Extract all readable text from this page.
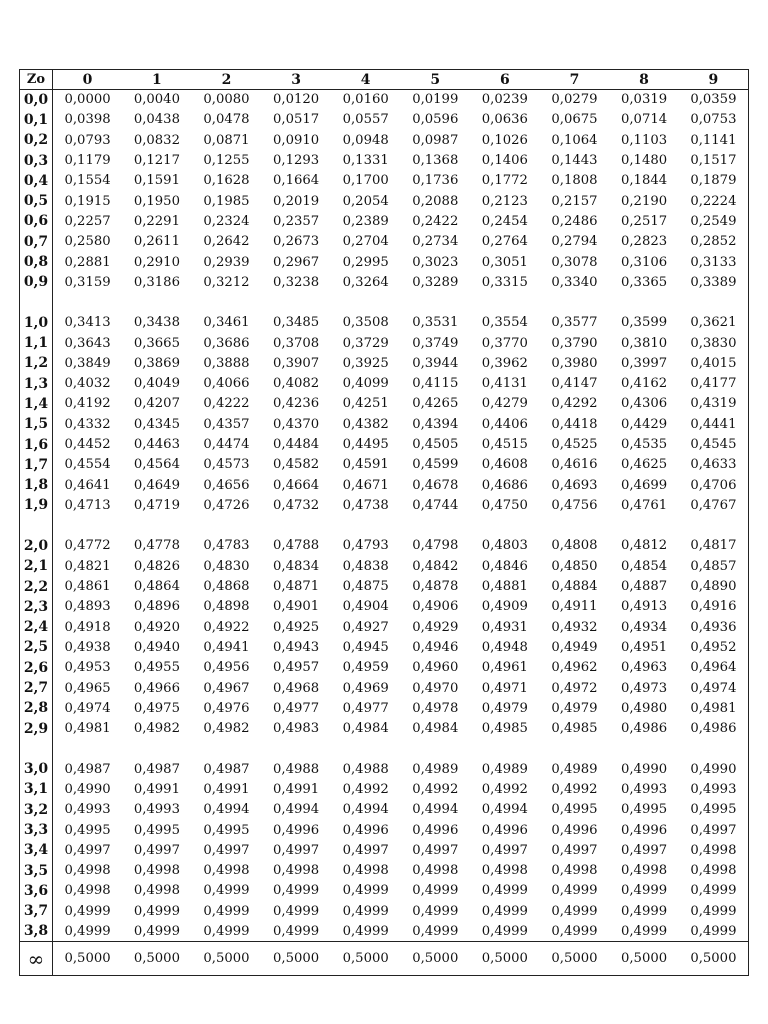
Zo	0	1	2	3	4	5	6	7	8	9
0,0	0,0000	0,0040	0,0080	0,0120	0,0160	0,0199	0,0239	0,0279	0,0319	0,0359
0,1	0,0398	0,0438	0,0478	0,0517	0,0557	0,0596	0,0636	0,0675	0,0714	0,0753
0,2	0,0793	0,0832	0,0871	0,0910	0,0948	0,0987	0,1026	0,1064	0,1103	0,1141
0,3	0,1179	0,1217	0,1255	0,1293	0,1331	0,1368	0,1406	0,1443	0,1480	0,1517
0,4	0,1554	0,1591	0,1628	0,1664	0,1700	0,1736	0,1772	0,1808	0,1844	0,1879
0,5	0,1915	0,1950	0,1985	0,2019	0,2054	0,2088	0,2123	0,2157	0,2190	0,2224
0,6	0,2257	0,2291	0,2324	0,2357	0,2389	0,2422	0,2454	0,2486	0,2517	0,2549
0,7	0,2580	0,2611	0,2642	0,2673	0,2704	0,2734	0,2764	0,2794	0,2823	0,2852
0,8	0,2881	0,2910	0,2939	0,2967	0,2995	0,3023	0,3051	0,3078	0,3106	0,3133
0,9	0,3159	0,3186	0,3212	0,3238	0,3264	0,3289	0,3315	0,3340	0,3365	0,3389

1,0	0,3413	0,3438	0,3461	0,3485	0,3508	0,3531	0,3554	0,3577	0,3599	0,3621
1,1	0,3643	0,3665	0,3686	0,3708	0,3729	0,3749	0,3770	0,3790	0,3810	0,3830
1,2	0,3849	0,3869	0,3888	0,3907	0,3925	0,3944	0,3962	0,3980	0,3997	0,4015
1,3	0,4032	0,4049	0,4066	0,4082	0,4099	0,4115	0,4131	0,4147	0,4162	0,4177
1,4	0,4192	0,4207	0,4222	0,4236	0,4251	0,4265	0,4279	0,4292	0,4306	0,4319
1,5	0,4332	0,4345	0,4357	0,4370	0,4382	0,4394	0,4406	0,4418	0,4429	0,4441
1,6	0,4452	0,4463	0,4474	0,4484	0,4495	0,4505	0,4515	0,4525	0,4535	0,4545
1,7	0,4554	0,4564	0,4573	0,4582	0,4591	0,4599	0,4608	0,4616	0,4625	0,4633
1,8	0,4641	0,4649	0,4656	0,4664	0,4671	0,4678	0,4686	0,4693	0,4699	0,4706
1,9	0,4713	0,4719	0,4726	0,4732	0,4738	0,4744	0,4750	0,4756	0,4761	0,4767

2,0	0,4772	0,4778	0,4783	0,4788	0,4793	0,4798	0,4803	0,4808	0,4812	0,4817
2,1	0,4821	0,4826	0,4830	0,4834	0,4838	0,4842	0,4846	0,4850	0,4854	0,4857
2,2	0,4861	0,4864	0,4868	0,4871	0,4875	0,4878	0,4881	0,4884	0,4887	0,4890
2,3	0,4893	0,4896	0,4898	0,4901	0,4904	0,4906	0,4909	0,4911	0,4913	0,4916
2,4	0,4918	0,4920	0,4922	0,4925	0,4927	0,4929	0,4931	0,4932	0,4934	0,4936
2,5	0,4938	0,4940	0,4941	0,4943	0,4945	0,4946	0,4948	0,4949	0,4951	0,4952
2,6	0,4953	0,4955	0,4956	0,4957	0,4959	0,4960	0,4961	0,4962	0,4963	0,4964
2,7	0,4965	0,4966	0,4967	0,4968	0,4969	0,4970	0,4971	0,4972	0,4973	0,4974
2,8	0,4974	0,4975	0,4976	0,4977	0,4977	0,4978	0,4979	0,4979	0,4980	0,4981
2,9	0,4981	0,4982	0,4982	0,4983	0,4984	0,4984	0,4985	0,4985	0,4986	0,4986

3,0	0,4987	0,4987	0,4987	0,4988	0,4988	0,4989	0,4989	0,4989	0,4990	0,4990
3,1	0,4990	0,4991	0,4991	0,4991	0,4992	0,4992	0,4992	0,4992	0,4993	0,4993
3,2	0,4993	0,4993	0,4994	0,4994	0,4994	0,4994	0,4994	0,4995	0,4995	0,4995
3,3	0,4995	0,4995	0,4995	0,4996	0,4996	0,4996	0,4996	0,4996	0,4996	0,4997
3,4	0,4997	0,4997	0,4997	0,4997	0,4997	0,4997	0,4997	0,4997	0,4997	0,4998
3,5	0,4998	0,4998	0,4998	0,4998	0,4998	0,4998	0,4998	0,4998	0,4998	0,4998
3,6	0,4998	0,4998	0,4999	0,4999	0,4999	0,4999	0,4999	0,4999	0,4999	0,4999
3,7	0,4999	0,4999	0,4999	0,4999	0,4999	0,4999	0,4999	0,4999	0,4999	0,4999
3,8	0,4999	0,4999	0,4999	0,4999	0,4999	0,4999	0,4999	0,4999	0,4999	0,4999
∞	0,5000	0,5000	0,5000	0,5000	0,5000	0,5000	0,5000	0,5000	0,5000	0,5000
